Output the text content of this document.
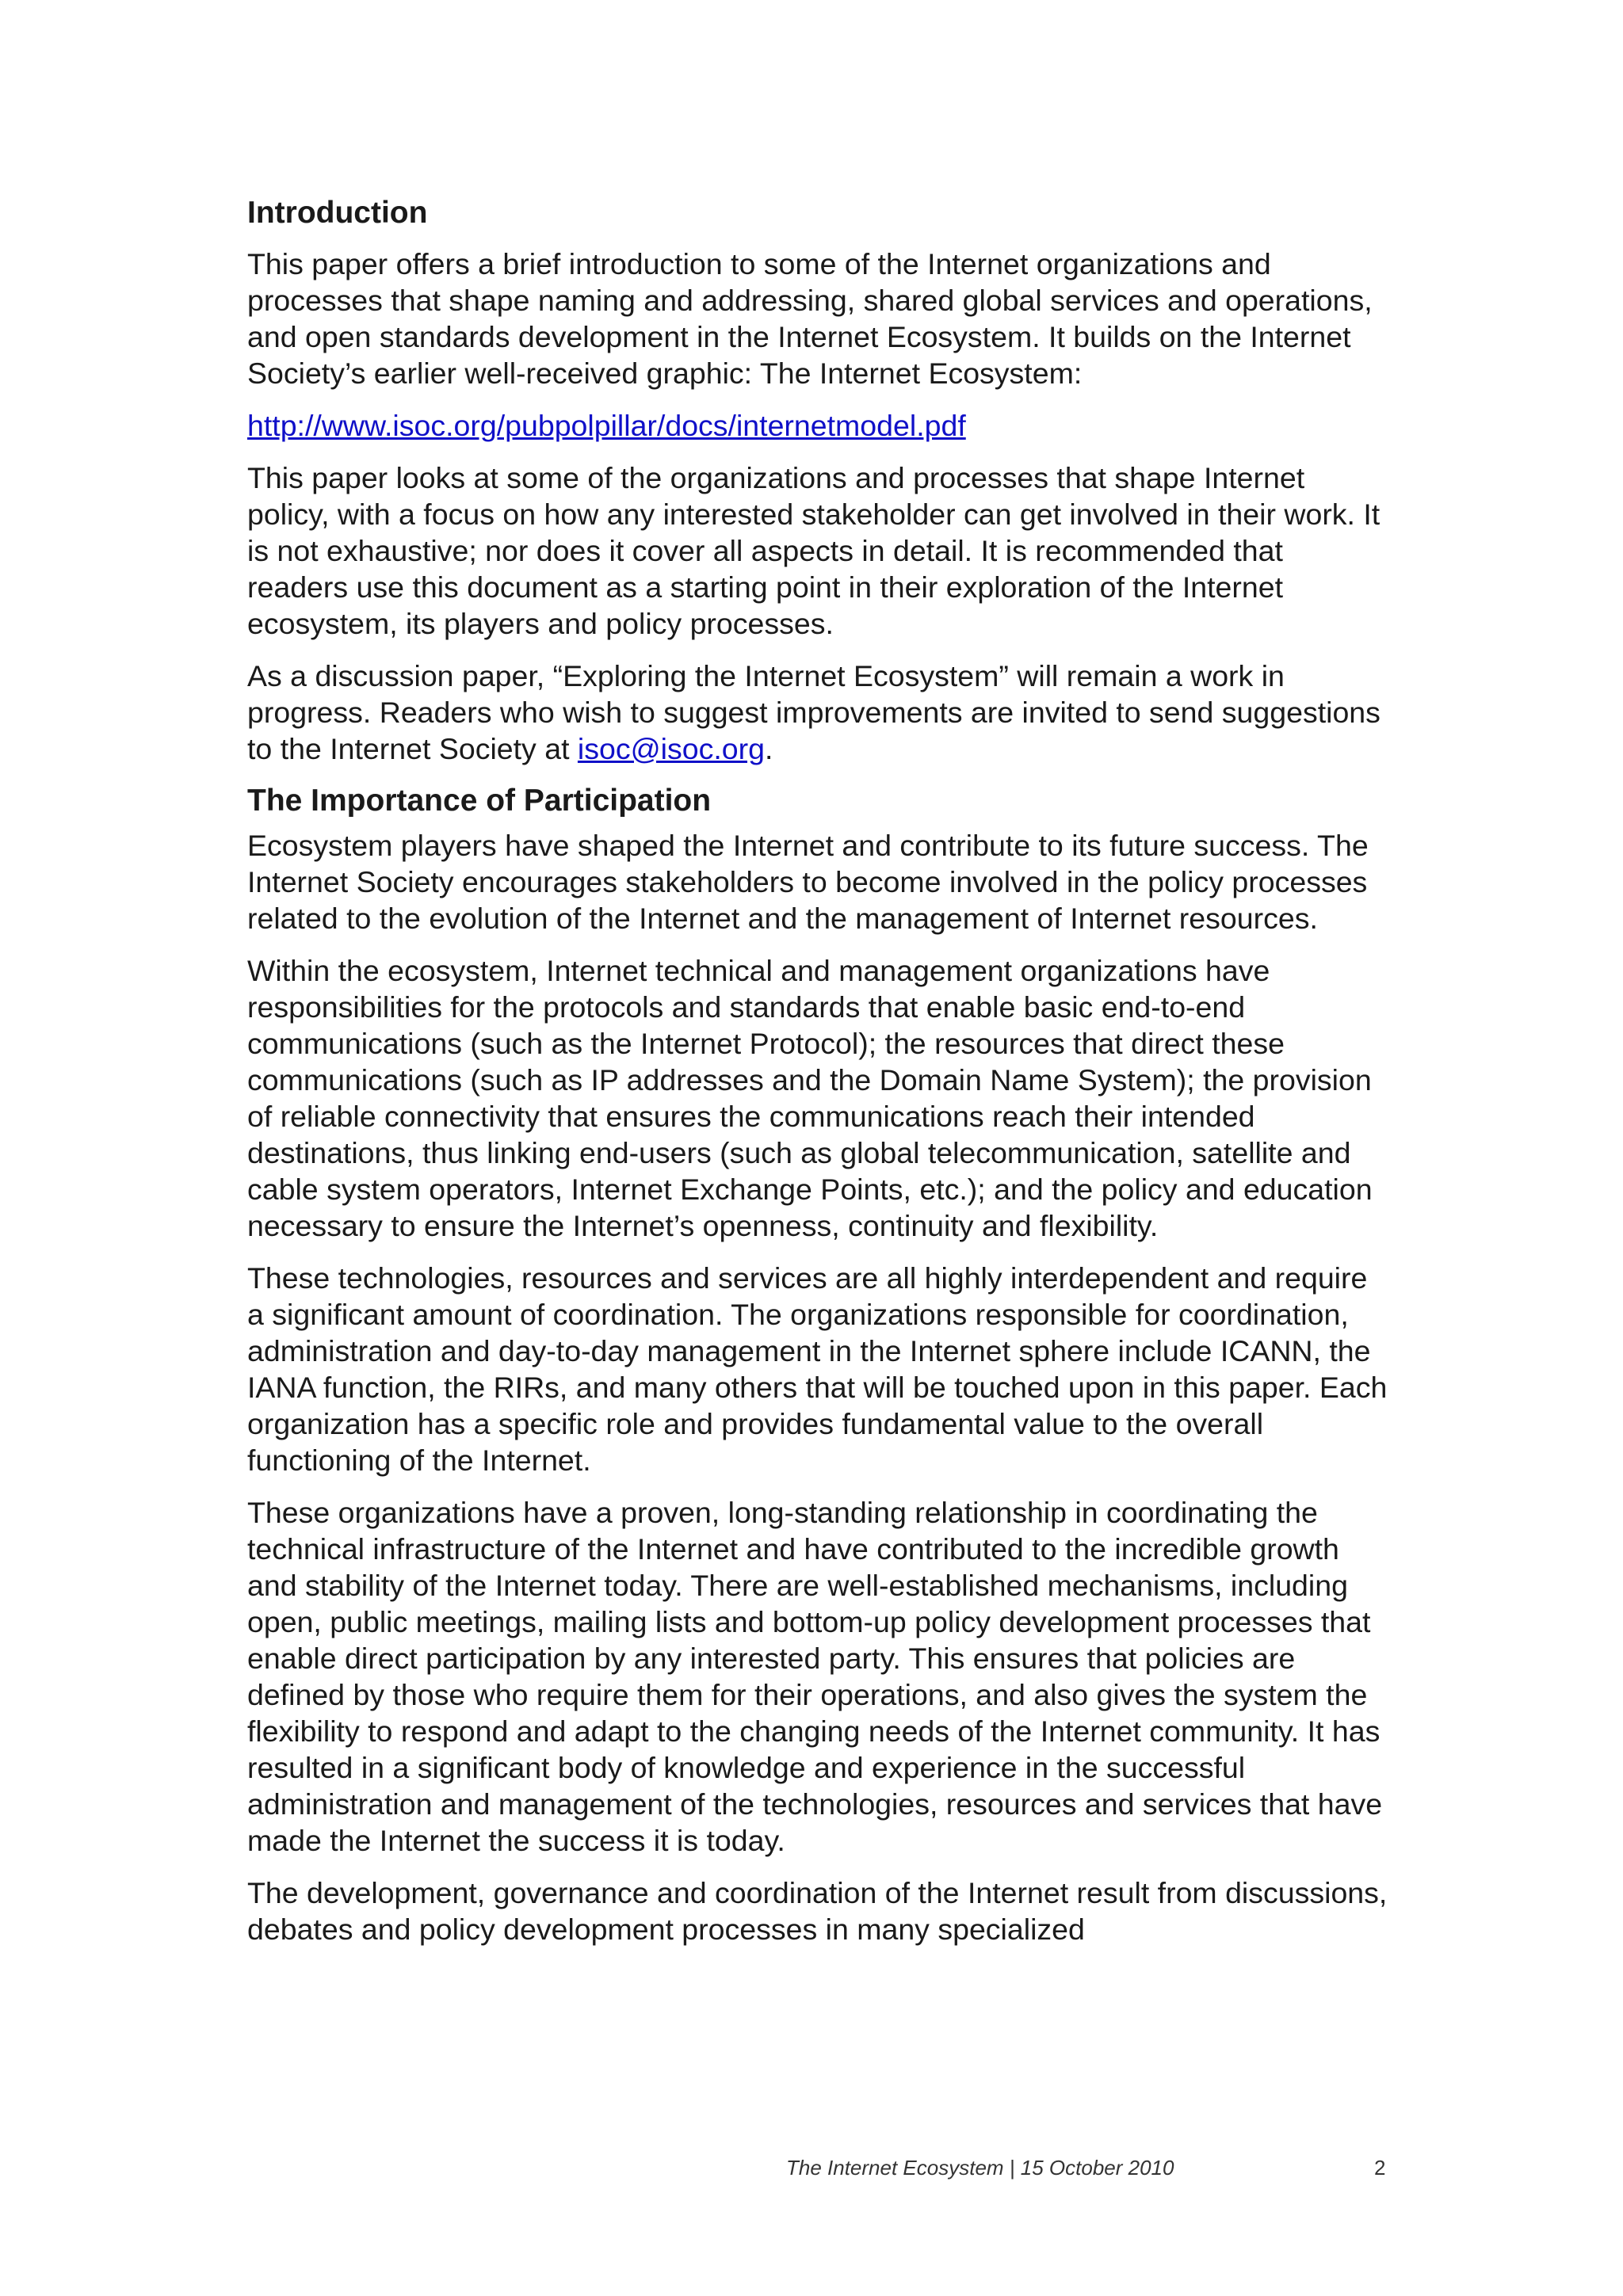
Introduction

This paper offers a brief introduction to some of the Internet organizations and processes that shape naming and addressing, shared global services and operations, and open standards development in the Internet Ecosystem. It builds on the Internet Society’s earlier well-received graphic: The Internet Ecosystem:

http://www.isoc.org/pubpolpillar/docs/internetmodel.pdf

This paper looks at some of the organizations and processes that shape Internet policy, with a focus on how any interested stakeholder can get involved in their work. It is not exhaustive; nor does it cover all aspects in detail. It is recommended that readers use this document as a starting point in their exploration of the Internet ecosystem, its players and policy processes.

As a discussion paper, “Exploring the Internet Ecosystem” will remain a work in progress. Readers who wish to suggest improvements are invited to send suggestions to the Internet Society at isoc@isoc.org.

The Importance of Participation

Ecosystem players have shaped the Internet and contribute to its future success. The Internet Society encourages stakeholders to become involved in the policy processes related to the evolution of the Internet and the management of Internet resources.

Within the ecosystem, Internet technical and management organizations have responsibilities for the protocols and standards that enable basic end-to-end communications (such as the Internet Protocol); the resources that direct these communications (such as IP addresses and the Domain Name System); the provision of reliable connectivity that ensures the communications reach their intended destinations, thus linking end-users (such as global telecommunication, satellite and cable system operators, Internet Exchange Points, etc.); and the policy and education necessary to ensure the Internet’s openness, continuity and flexibility.

These technologies, resources and services are all highly interdependent and require a significant amount of coordination. The organizations responsible for coordination, administration and day-to-day management in the Internet sphere include ICANN, the IANA function, the RIRs, and many others that will be touched upon in this paper. Each organization has a specific role and provides fundamental value to the overall functioning of the Internet.

These organizations have a proven, long-standing relationship in coordinating the technical infrastructure of the Internet and have contributed to the incredible growth and stability of the Internet today. There are well-established mechanisms, including open, public meetings, mailing lists and bottom-up policy development processes that enable direct participation by any interested party. This ensures that policies are defined by those who require them for their operations, and also gives the system the flexibility to respond and adapt to the changing needs of the Internet community. It has resulted in a significant body of knowledge and experience in the successful administration and management of the technologies, resources and services that have made the Internet the success it is today.

The development, governance and coordination of the Internet result from discussions, debates and policy development processes in many specialized

The Internet Ecosystem | 15 October 2010	2
